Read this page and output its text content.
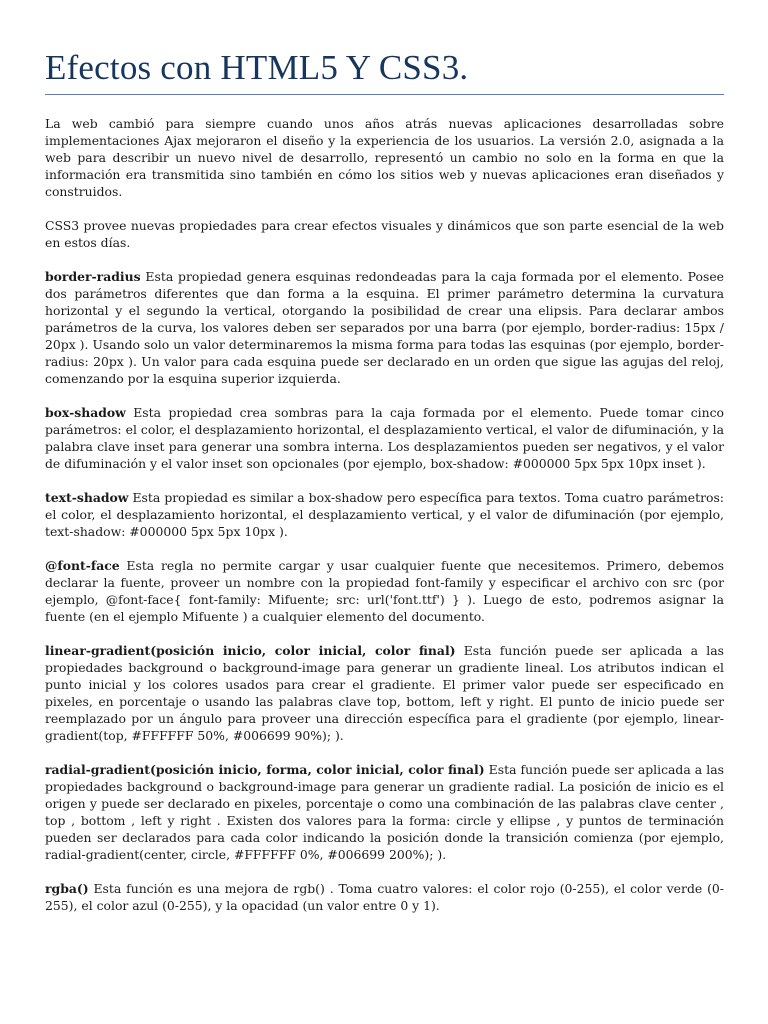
Efectos con HTML5 Y CSS3.

La web cambió para siempre cuando unos años atrás nuevas aplicaciones desarrolladas sobre implementaciones Ajax mejoraron el diseño y la experiencia de los usuarios. La versión 2.0, asignada a la web para describir un nuevo nivel de desarrollo, representó un cambio no solo en la forma en que la información era transmitida sino también en cómo los sitios web y nuevas aplicaciones eran diseñados y construidos.

CSS3 provee nuevas propiedades para crear efectos visuales y dinámicos que son parte esencial de la web en estos días.

border-radius Esta propiedad genera esquinas redondeadas para la caja formada por el elemento. Posee dos parámetros diferentes que dan forma a la esquina. El primer parámetro determina la curvatura horizontal y el segundo la vertical, otorgando la posibilidad de crear una elipsis. Para declarar ambos parámetros de la curva, los valores deben ser separados por una barra (por ejemplo, border-radius: 15px / 20px ). Usando solo un valor determinaremos la misma forma para todas las esquinas (por ejemplo, border-radius: 20px ). Un valor para cada esquina puede ser declarado en un orden que sigue las agujas del reloj, comenzando por la esquina superior izquierda.

box-shadow Esta propiedad crea sombras para la caja formada por el elemento. Puede tomar cinco parámetros: el color, el desplazamiento horizontal, el desplazamiento vertical, el valor de difuminación, y la palabra clave inset para generar una sombra interna. Los desplazamientos pueden ser negativos, y el valor de difuminación y el valor inset son opcionales (por ejemplo, box-shadow: #000000 5px 5px 10px inset ).

text-shadow Esta propiedad es similar a box-shadow pero específica para textos. Toma cuatro parámetros: el color, el desplazamiento horizontal, el desplazamiento vertical, y el valor de difuminación (por ejemplo, text-shadow: #000000 5px 5px 10px ).

@font-face Esta regla no permite cargar y usar cualquier fuente que necesitemos. Primero, debemos declarar la fuente, proveer un nombre con la propiedad font-family y especificar el archivo con src (por ejemplo, @font-face{ font-family: Mifuente; src: url('font.ttf') } ). Luego de esto, podremos asignar la fuente (en el ejemplo Mifuente ) a cualquier elemento del documento.

linear-gradient(posición inicio, color inicial, color final) Esta función puede ser aplicada a las propiedades background o background-image para generar un gradiente lineal. Los atributos indican el punto inicial y los colores usados para crear el gradiente. El primer valor puede ser especificado en pixeles, en porcentaje o usando las palabras clave top, bottom, left y right. El punto de inicio puede ser reemplazado por un ángulo para proveer una dirección específica para el gradiente (por ejemplo, linear-gradient(top, #FFFFFF 50%, #006699 90%); ).

radial-gradient(posición inicio, forma, color inicial, color final) Esta función puede ser aplicada a las propiedades background o background-image para generar un gradiente radial. La posición de inicio es el origen y puede ser declarado en pixeles, porcentaje o como una combinación de las palabras clave center , top , bottom , left y right . Existen dos valores para la forma: circle y ellipse , y puntos de terminación pueden ser declarados para cada color indicando la posición donde la transición comienza (por ejemplo, radial-gradient(center, circle, #FFFFFF 0%, #006699 200%); ).

rgba() Esta función es una mejora de rgb() . Toma cuatro valores: el color rojo (0-255), el color verde (0-255), el color azul (0-255), y la opacidad (un valor entre 0 y 1).
